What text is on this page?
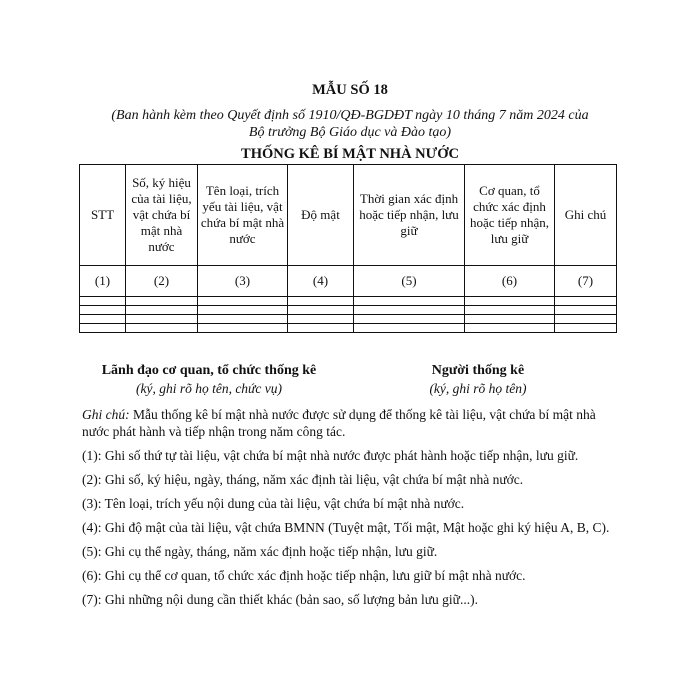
MẪU SỐ 18
(Ban hành kèm theo Quyết định số 1910/QĐ-BGDĐT ngày 10 tháng 7 năm 2024 của
Bộ trưởng Bộ Giáo dục và Đào tạo)
THỐNG KÊ BÍ MẬT NHÀ NƯỚC
STT	Số, ký hiệu của tài liệu, vật chứa bí mật nhà nước	Tên loại, trích yếu tài liệu, vật chứa bí mật nhà nước	Độ mật	Thời gian xác định hoặc tiếp nhận, lưu giữ	Cơ quan, tổ chức xác định hoặc tiếp nhận, lưu giữ	Ghi chú
(1)	(2)	(3)	(4)	(5)	(6)	(7)

Lãnh đạo cơ quan, tổ chức thống kê
(ký, ghi rõ họ tên, chức vụ)
Người thống kê
(ký, ghi rõ họ tên)

Ghi chú: Mẫu thống kê bí mật nhà nước được sử dụng để thống kê tài liệu, vật chứa bí mật nhà nước phát hành và tiếp nhận trong năm công tác.

(1): Ghi số thứ tự tài liệu, vật chứa bí mật nhà nước được phát hành hoặc tiếp nhận, lưu giữ.

(2): Ghi số, ký hiệu, ngày, tháng, năm xác định tài liệu, vật chứa bí mật nhà nước.

(3): Tên loại, trích yếu nội dung của tài liệu, vật chứa bí mật nhà nước.

(4): Ghi độ mật của tài liệu, vật chứa BMNN (Tuyệt mật, Tối mật, Mật hoặc ghi ký hiệu A, B, C).

(5): Ghi cụ thể ngày, tháng, năm xác định hoặc tiếp nhận, lưu giữ.

(6): Ghi cụ thể cơ quan, tổ chức xác định hoặc tiếp nhận, lưu giữ bí mật nhà nước.

(7): Ghi những nội dung cần thiết khác (bản sao, số lượng bản lưu giữ...).
